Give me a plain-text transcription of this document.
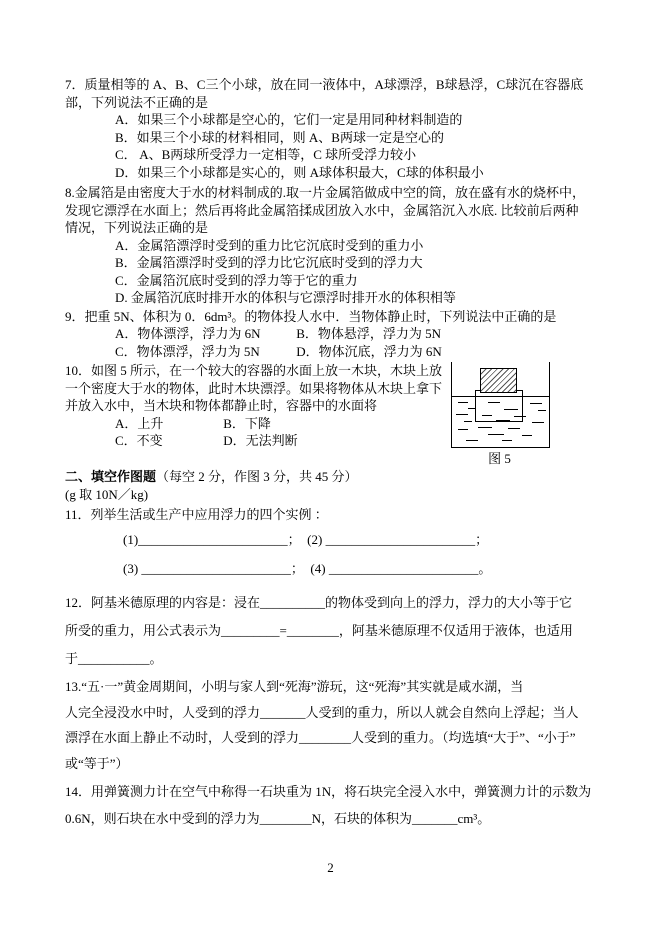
7．质量相等的 A、B、C三个小球，放在同一液体中，A球漂浮，B球悬浮，C球沉在容器底
部，下列说法不正确的是
A．如果三个小球都是空心的，它们一定是用同种材料制造的
B．如果三个小球的材料相同，则 A、B两球一定是空心的
C． A、B两球所受浮力一定相等，C 球所受浮力较小
D．如果三个小球都是实心的，则 A球体积最大，C球的体积最小
8.金属箔是由密度大于水的材料制成的.取一片金属箔做成中空的筒，放在盛有水的烧杯中，
发现它漂浮在水面上；然后再将此金属箔揉成团放入水中，金属箔沉入水底. 比较前后两种
情况，下列说法正确的是
A．金属箔漂浮时受到的重力比它沉底时受到的重力小
B．金属箔漂浮时受到的浮力比它沉底时受到的浮力大
C．金属箔沉底时受到的浮力等于它的重力
D. 金属箔沉底时排开水的体积与它漂浮时排开水的体积相等
9．把重 5N、体积为 0．6dm³。的物体投人水中．当物体静止时，下列说法中正确的是
A．物体漂浮，浮力为 6N	B．物体悬浮，浮力为 5N
C．物体漂浮，浮力为 5N	D．物体沉底，浮力为 6N
10．如图 5 所示，在一个较大的容器的水面上放一木块，木块上放
一个密度大于水的物体，此时木块漂浮。如果将物体从木块上拿下
并放入水中，当木块和物体都静止时，容器中的水面将
A．上升	B．下降
C．不变	D．无法判断
图 5
二、填空作图题（每空 2 分，作图 3 分，共 45 分）
(g 取 10N／kg)
11．列举生活或生产中应用浮力的四个实例 ：
(1)_______________________；　(2) _______________________；
(3) _______________________；　(4) _______________________。
12．阿基米德原理的内容是：浸在__________的物体受到向上的浮力，浮力的大小等于它
所受的重力，用公式表示为_________=________，阿基米德原理不仅适用于液体，也适用
于___________。
13.“五·一”黄金周期间，小明与家人到“死海”游玩，这“死海”其实就是咸水湖，当
人完全浸没水中时，人受到的浮力_______人受到的重力，所以人就会自然向上浮起；当人
漂浮在水面上静止不动时，人受到的浮力________人受到的重力。（均选填“大于”、“小于”
或“等于”）
14．用弹簧测力计在空气中称得一石块重为 1N，将石块完全浸入水中，弹簧测力计的示数为
0.6N，则石块在水中受到的浮力为________N，石块的体积为_______cm³。
2
